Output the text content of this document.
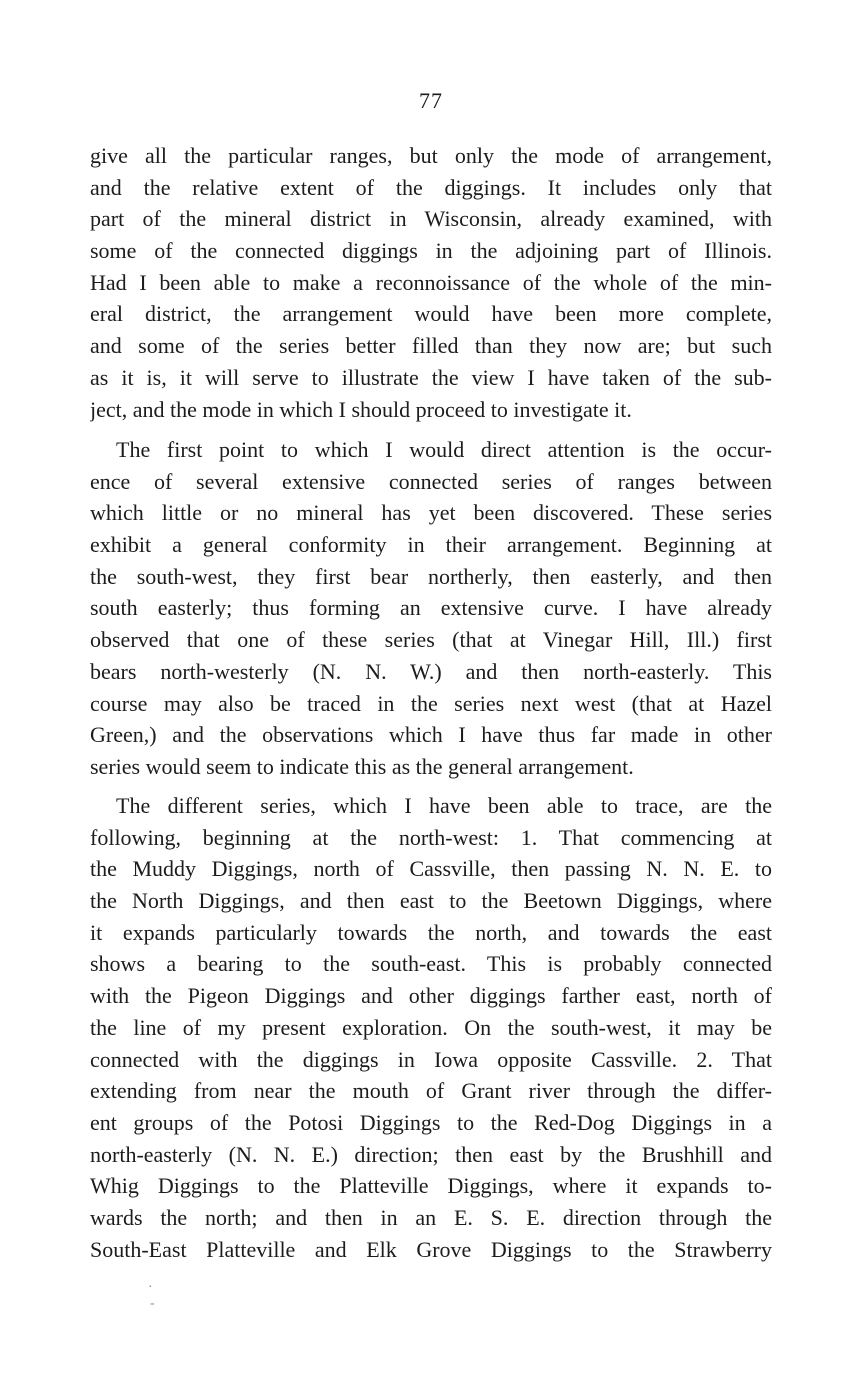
77
give all the particular ranges, but only the mode of arrangement,
and the relative extent of the diggings. It includes only that
part of the mineral district in Wisconsin, already examined, with
some of the connected diggings in the adjoining part of Illinois.
Had I been able to make a reconnoissance of the whole of the min-
eral district, the arrangement would have been more complete,
and some of the series better filled than they now are; but such
as it is, it will serve to illustrate the view I have taken of the sub-
ject, and the mode in which I should proceed to investigate it.
The first point to which I would direct attention is the occur-
ence of several extensive connected series of ranges between
which little or no mineral has yet been discovered. These series
exhibit a general conformity in their arrangement. Beginning at
the south-west, they first bear northerly, then easterly, and then
south easterly; thus forming an extensive curve. I have already
observed that one of these series (that at Vinegar Hill, Ill.) first
bears north-westerly (N. N. W.) and then north-easterly. This
course may also be traced in the series next west (that at Hazel
Green,) and the observations which I have thus far made in other
series would seem to indicate this as the general arrangement.
The different series, which I have been able to trace, are the
following, beginning at the north-west: 1. That commencing at
the Muddy Diggings, north of Cassville, then passing N. N. E. to
the North Diggings, and then east to the Beetown Diggings, where
it expands particularly towards the north, and towards the east
shows a bearing to the south-east. This is probably connected
with the Pigeon Diggings and other diggings farther east, north of
the line of my present exploration. On the south-west, it may be
connected with the diggings in Iowa opposite Cassville. 2. That
extending from near the mouth of Grant river through the differ-
ent groups of the Potosi Diggings to the Red-Dog Diggings in a
north-easterly (N. N. E.) direction; then east by the Brushhill and
Whig Diggings to the Platteville Diggings, where it expands to-
wards the north; and then in an E. S. E. direction through the
South-East Platteville and Elk Grove Diggings to the Strawberry
·
-
